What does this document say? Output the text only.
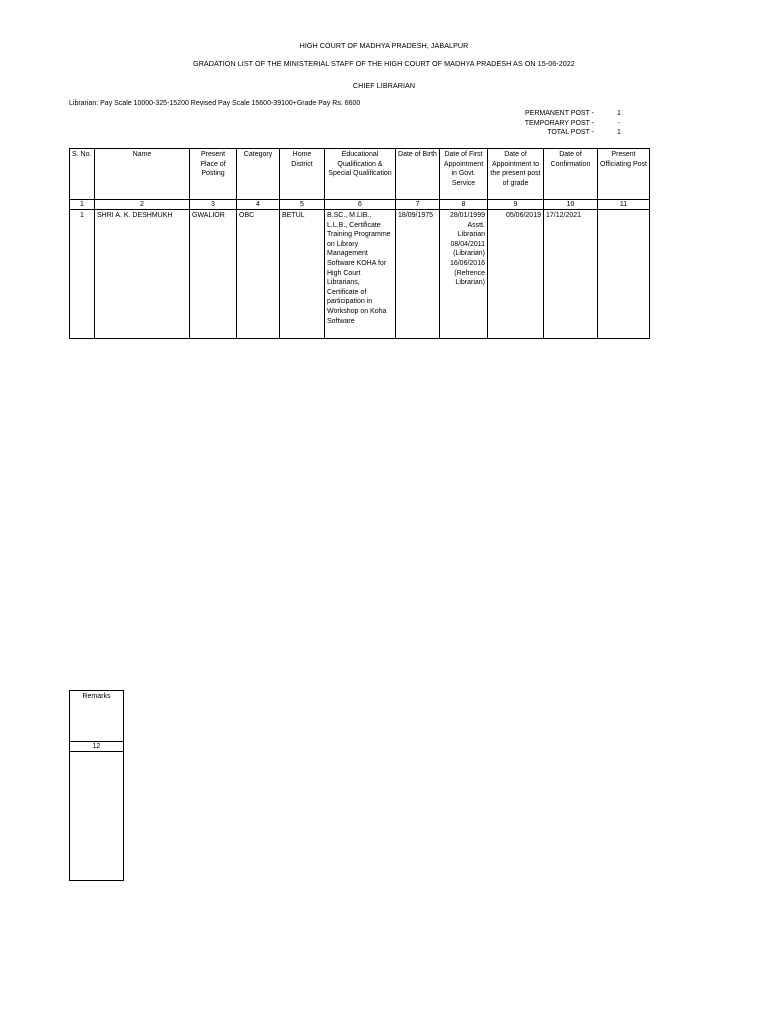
HIGH COURT OF MADHYA PRADESH, JABALPUR
GRADATION LIST OF THE MINISTERIAL STAFF OF THE HIGH COURT OF MADHYA PRADESH AS ON 15-06-2022
CHIEF LIBRARIAN
Librarian: Pay Scale 10000-325-15200 Revised Pay Scale 15600-39100+Grade Pay Rs. 6600
PERMANENT POST -	1
TEMPORARY POST -	-
TOTAL POST -	1
S. No.	Name	Present Place of Posting	Category	Home District	Educational Qualification & Special Qualification	Date of Birth	Date of First Appointment in Govt. Service	Date of Appointment to the present post of grade	Date of Confirmation	Present Officiating Post
1	2	3	4	5	6	7	8	9	10	11
1	SHRI A. K. DESHMUKH	GWALIOR	OBC	BETUL	B.SC., M.LIB., L.L.B., Certificate Training Programme on Library Management Software KOHA for High Court Librarians, Certificate of participation in Workshop on Koha Software	18/09/1975	28/01/1999 Asstt. Librarian 08/04/2011 (Librarian) 16/06/2016 (Refrence Librarian)	05/06/2019	17/12/2021	
Remarks
12
